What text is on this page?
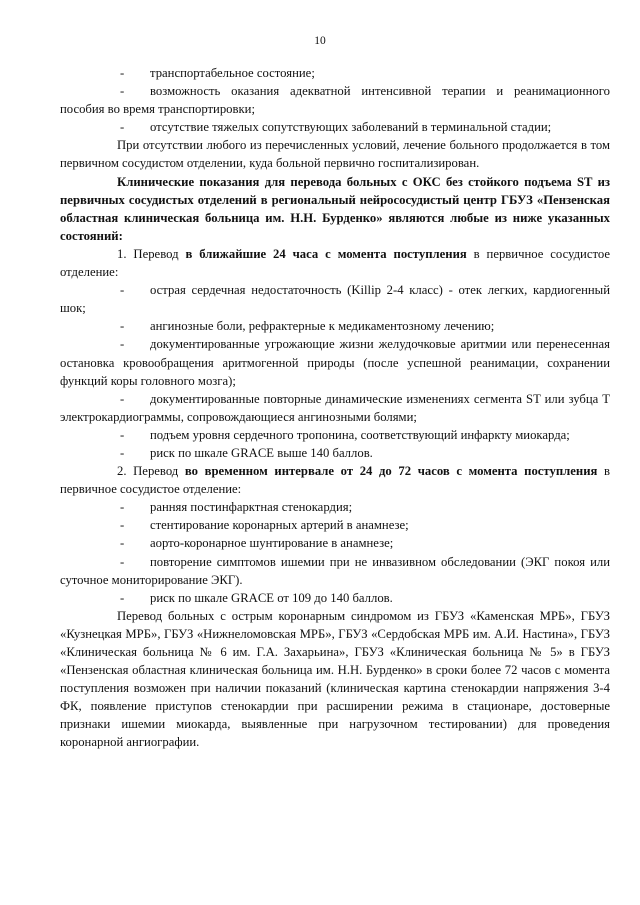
10

- транспортабельное состояние;

- возможность оказания адекватной интенсивной терапии и реанимационного пособия во время транспортировки;

- отсутствие тяжелых сопутствующих заболеваний в терминальной стадии;

При отсутствии любого из перечисленных условий, лечение больного продолжается в том первичном сосудистом отделении, куда больной первично госпитализирован.

Клинические показания для перевода больных с ОКС без стойкого подъема ST из первичных сосудистых отделений в региональный нейрососудистый центр ГБУЗ «Пензенская областная клиническая больница им. Н.Н. Бурденко» являются любые из ниже указанных состояний:

1. Перевод в ближайшие 24 часа с момента поступления в первичное сосудистое отделение:

- острая сердечная недостаточность (Killip 2-4 класс) - отек легких, кардиогенный шок;

- ангинозные боли, рефрактерные к медикаментозному лечению;

- документированные угрожающие жизни желудочковые аритмии или перенесенная остановка кровообращения аритмогенной природы (после успешной реанимации, сохранении функций коры головного мозга);

- документированные повторные динамические изменениях сегмента ST или зубца T электрокардиограммы, сопровождающиеся ангинозными болями;

- подъем уровня сердечного тропонина, соответствующий инфаркту миокарда;

- риск по шкале GRACE выше 140 баллов.

2. Перевод во временном интервале от 24 до 72 часов с момента поступления в первичное сосудистое отделение:

- ранняя постинфарктная стенокардия;

- стентирование коронарных артерий в анамнезе;

- аорто-коронарное шунтирование в анамнезе;

- повторение симптомов ишемии при не инвазивном обследовании (ЭКГ покоя или суточное мониторирование ЭКГ).

- риск по шкале GRACE от 109 до 140 баллов.

Перевод больных с острым коронарным синдромом из ГБУЗ «Каменская МРБ», ГБУЗ «Кузнецкая МРБ», ГБУЗ «Нижнеломовская МРБ», ГБУЗ «Сердобская МРБ им. А.И. Настина», ГБУЗ «Клиническая больница № 6 им. Г.А. Захарьина», ГБУЗ «Клиническая больница № 5» в ГБУЗ «Пензенская областная клиническая больница им. Н.Н. Бурденко» в сроки более 72 часов с момента поступления возможен при наличии показаний (клиническая картина стенокардии напряжения 3-4 ФК, появление приступов стенокардии при расширении режима в стационаре, достоверные признаки ишемии миокарда, выявленные при нагрузочном тестировании) для проведения коронарной ангиографии.
